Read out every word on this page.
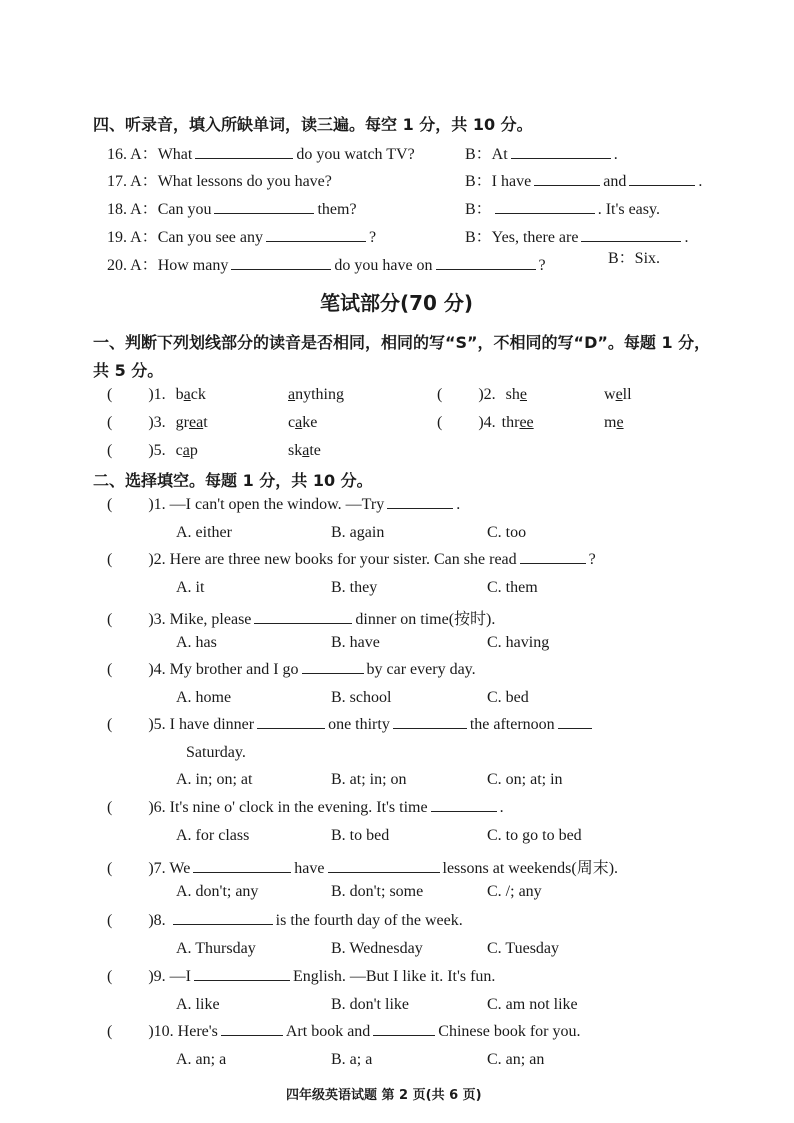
四、听录音，填入所缺单词，读三遍。每空 1 分，共 10 分。
16. A：What	do you watch TV?	B：At	.
17. A：What lessons do you have?	B：I have	and	.
18. A：Can you	them?	B：	. It's easy.
19. A：Can you see any	?	B：Yes, there are	.
20. A：How many	do you have on	?	B：Six.
笔试部分(70 分)
一、判断下列划线部分的读音是否相同，相同的写“S”，不相同的写“D”。每题 1 分，
共 5 分。
( )1. back	anything	( )2. she	well
( )3. great	cake	( )4. three	me
( )5. cap	skate
二、选择填空。每题 1 分，共 10 分。
( )1. —I can't open the window. —Try	.
A. either	B. again	C. too
( )2. Here are three new books for your sister. Can she read	?
A. it	B. they	C. them
( )3. Mike, please	dinner on time(按时).
A. has	B. have	C. having
( )4. My brother and I go	by car every day.
A. home	B. school	C. bed
( )5. I have dinner	one thirty	the afternoon
Saturday.
A. in; on; at	B. at; in; on	C. on; at; in
( )6. It's nine o' clock in the evening. It's time	.
A. for class	B. to bed	C. to go to bed
( )7. We	have	lessons at weekends(周末).
A. don't; any	B. don't; some	C. /; any
( )8.	is the fourth day of the week.
A. Thursday	B. Wednesday	C. Tuesday
( )9. —I	English. —But I like it. It's fun.
A. like	B. don't like	C. am not like
( )10. Here's	Art book and	Chinese book for you.
A. an; a	B. a; a	C. an; an
四年级英语试题 第 2 页(共 6 页)
